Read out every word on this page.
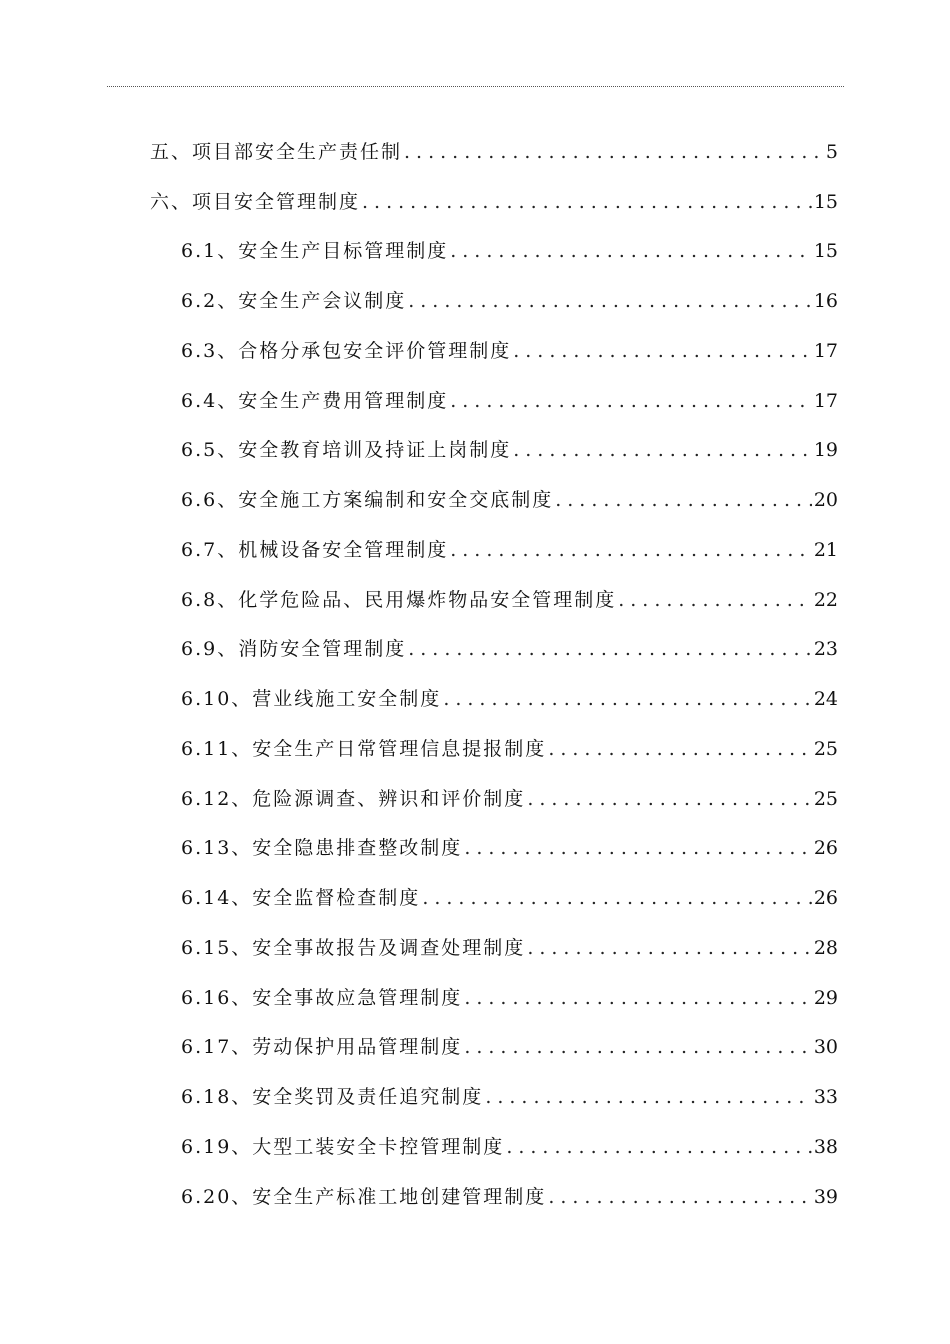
五、项目部安全生产责任制 .....	5
六、项目安全管理制度 .....	15
6.1、安全生产目标管理制度 .....	15
6.2、安全生产会议制度 .....	16
6.3、合格分承包安全评价管理制度 .....	17
6.4、安全生产费用管理制度 .....	17
6.5、安全教育培训及持证上岗制度 .....	19
6.6、安全施工方案编制和安全交底制度 .....	20
6.7、机械设备安全管理制度 .....	21
6.8、化学危险品、民用爆炸物品安全管理制度 .....	22
6.9、消防安全管理制度 .....	23
6.10、营业线施工安全制度 .....	24
6.11、安全生产日常管理信息提报制度 .....	25
6.12、危险源调查、辨识和评价制度 .....	25
6.13、安全隐患排查整改制度 .....	26
6.14、安全监督检查制度 .....	26
6.15、安全事故报告及调查处理制度 .....	28
6.16、安全事故应急管理制度 .....	29
6.17、劳动保护用品管理制度 .....	30
6.18、安全奖罚及责任追究制度 .....	33
6.19、大型工装安全卡控管理制度 .....	38
6.20、安全生产标准工地创建管理制度 .....	39
